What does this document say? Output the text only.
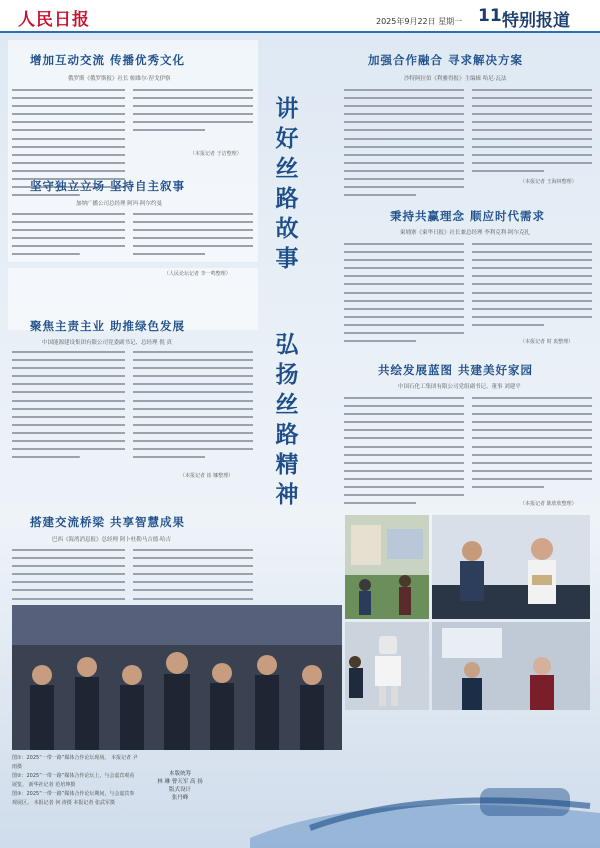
人民日报	2025年9月22日 星期一 11 特别报道
增加互动交流 传播优秀文化
俄罗斯《俄罗斯报》社长 帕维尔·涅戈伊察
（本报记者 于洁整理）
坚守独立立场 坚持自主叙事
加纳广播公司总经理 阿玛·阿尔约曼
（人民论坛记者 李一鸣整理）
聚焦主责主业 助推绿色发展
中国能源建设集团有限公司党委副书记、总经理 倪 真
（本报记者 崔 娜整理）
搭建交流桥梁 共享智慧成果
巴西《海湾消息报》总经理 阿卜杜勒马吉德·哈吉
讲
好
丝
路
故
事
弘
扬
丝
路
精
神
加强合作融合 寻求解决方案
沙特阿拉伯《利雅得报》主编辑 哈尼·瓦法
（本报记者 王海林整理）
秉持共赢理念 顺应时代需求
柬埔寨《柬华日报》社长兼总经理 李利克利·阿尔克扎
（本报记者 时 衷整理）
共绘发展蓝图 共建美好家园
中国石化工集团有限公司党组副书记、董事 刘建平
（本报记者 陈欣欣整理）
图①：2025“一带一路”媒体合作论坛现场。 本报记者 尹 雨摄
图②：2025“一带一路”媒体合作论坛上，与会嘉宾观看展览。 新华社记者 范培坤摄
图③：2025“一带一路”媒体合作论坛期间，与会嘉宾参观展区。 本报记者 何 涛摄 本报记者 张武军摄
本版统筹
林 琳 曹天军 高 扬
版式设计
张丹峰
